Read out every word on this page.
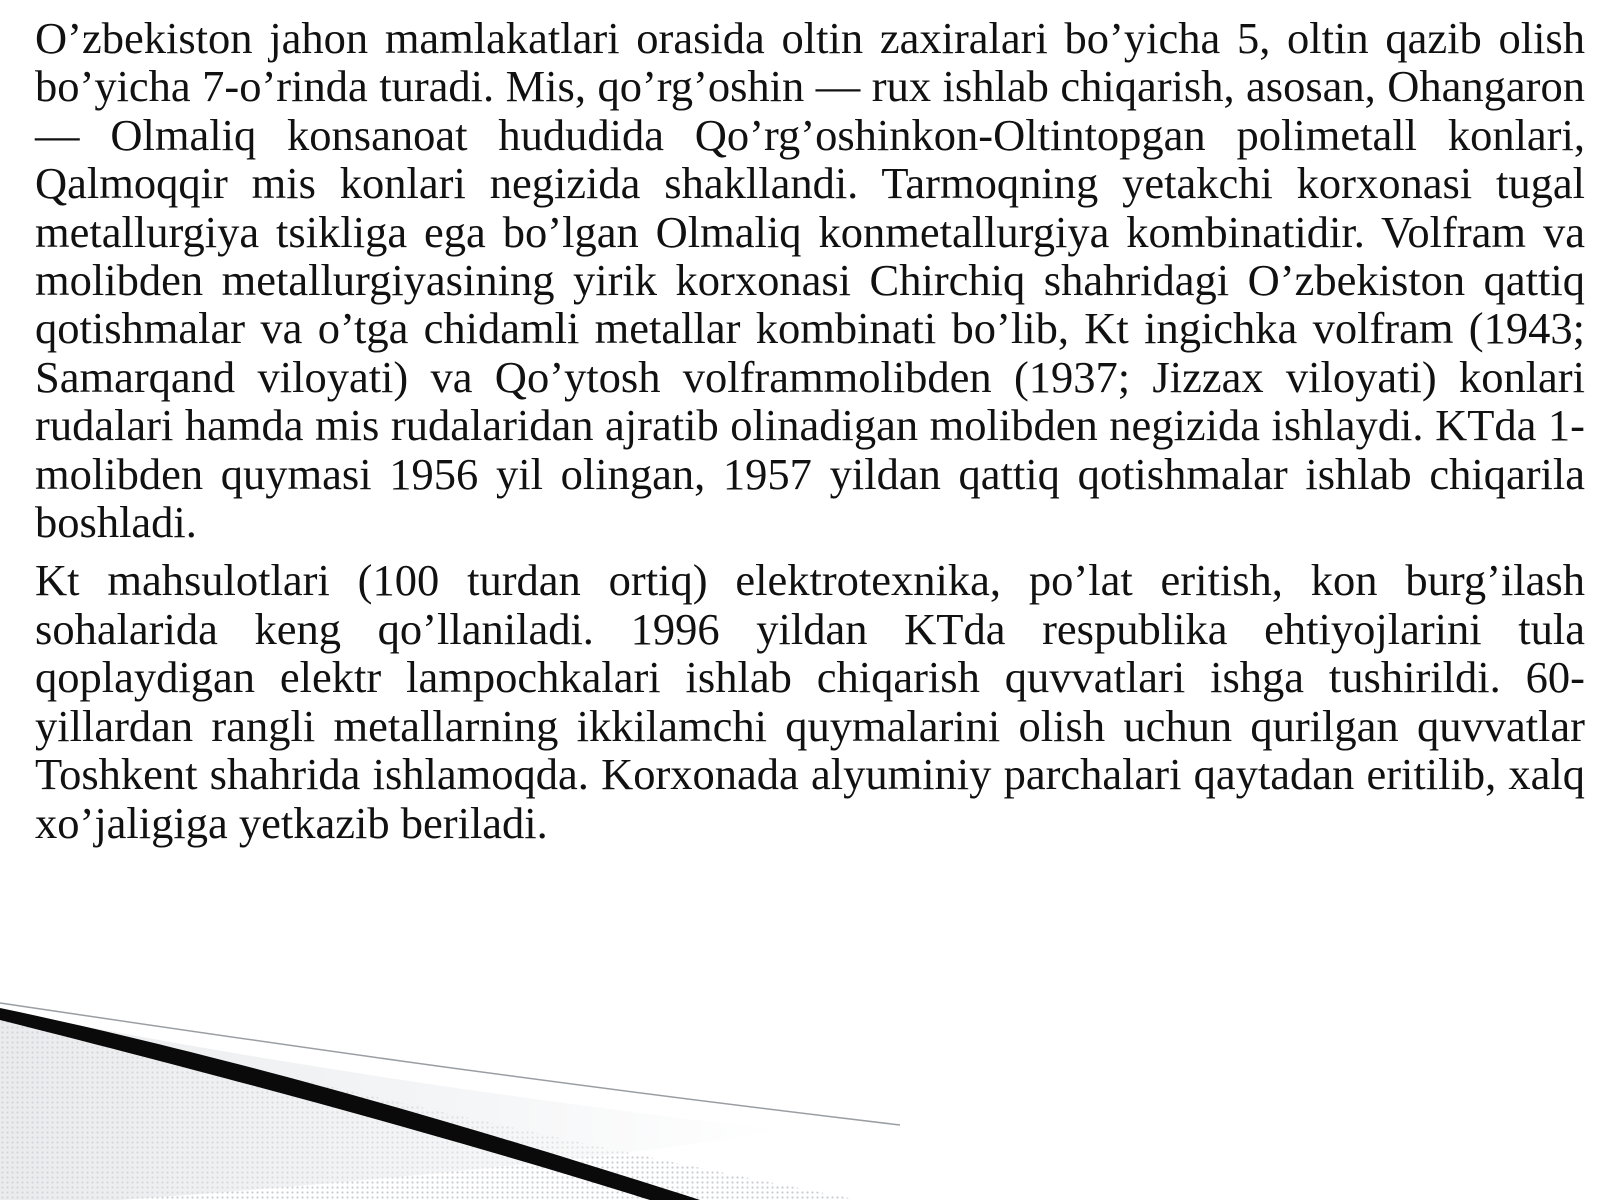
O’zbekiston jahon mamlakatlari orasida oltin zaxiralari bo’yicha 5, oltin qazib olish bo’yicha 7-o’rinda turadi. Mis, qo’rg’oshin — rux ishlab chiqarish, asosan, Ohangaron — Olmaliq konsanoat hududida Qo’rg’oshinkon-Oltintopgan polimetall konlari, Qalmoqqir mis konlari negizida shakllandi. Tarmoqning yetakchi korxonasi tugal metallurgiya tsikliga ega bo’lgan Olmaliq konmetallurgiya kombinatidir. Volfram va molibden metallurgiyasining yirik korxonasi Chirchiq shahridagi O’zbekiston qattiq qotishmalar va o’tga chidamli metallar kombinati bo’lib, Kt ingichka volfram (1943; Samarqand viloyati) va Qo’ytosh volframmolibden (1937; Jizzax viloyati) konlari rudalari hamda mis rudalaridan ajratib olinadigan molibden negizida ishlaydi. KTda 1-molibden quymasi 1956 yil olingan, 1957 yildan qattiq qotishmalar ishlab chiqarila boshladi.

Kt mahsulotlari (100 turdan ortiq) elektrotexnika, po’lat eritish, kon burg’ilash sohalarida keng qo’llaniladi. 1996 yildan KTda respublika ehtiyojlarini tula qoplaydigan elektr lampochkalari ishlab chiqarish quvvatlari ishga tushirildi. 60-yillardan rangli metallarning ikkilamchi quymalarini olish uchun qurilgan quvvatlar Toshkent shahrida ishlamoqda. Korxonada alyuminiy parchalari qaytadan eritilib, xalq xo’jaligiga yetkazib beriladi.
